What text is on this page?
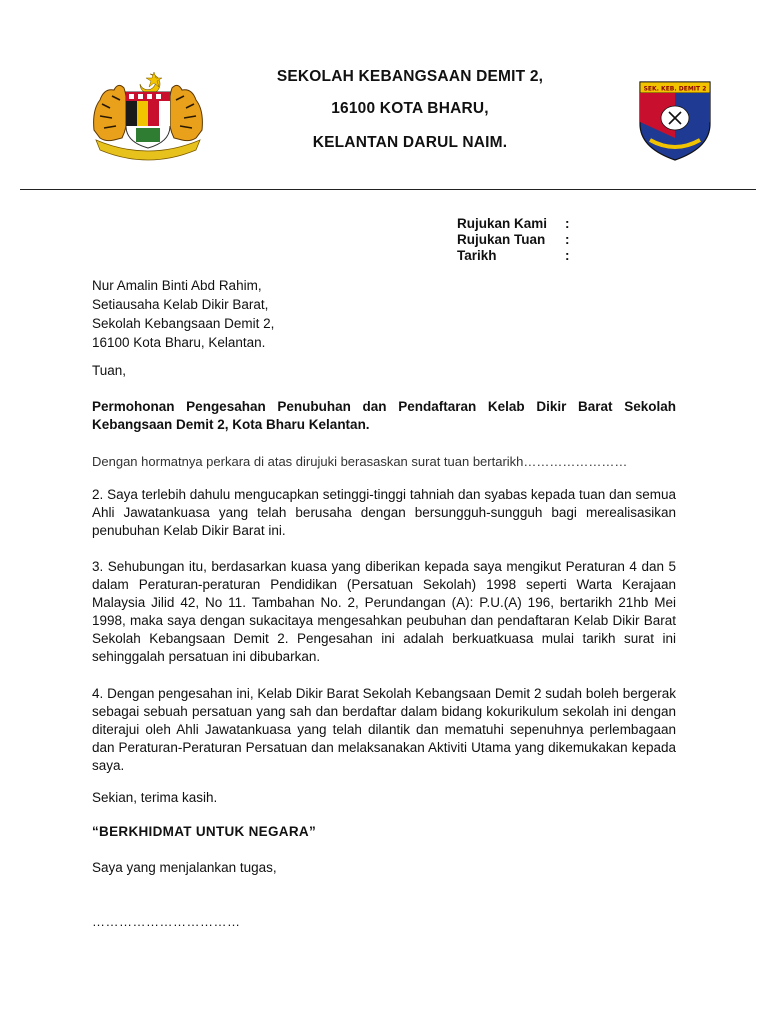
SEKOLAH KEBANGSAAN DEMIT 2,
16100 KOTA BHARU,
KELANTAN DARUL NAIM.
SEK. KEB. DEMIT 2
Rujukan Kami :
Rujukan Tuan :
Tarikh	:
Nur Amalin Binti Abd Rahim,
Setiausaha Kelab Dikir Barat,
Sekolah Kebangsaan Demit 2,
16100 Kota Bharu, Kelantan.
Tuan,
Permohonan Pengesahan Penubuhan dan Pendaftaran Kelab Dikir Barat Sekolah Kebangsaan Demit 2, Kota Bharu Kelantan.
Dengan hormatnya perkara di atas dirujuki berasaskan surat tuan bertarikh……………………
2. Saya terlebih dahulu mengucapkan setinggi-tinggi tahniah dan syabas kepada tuan dan semua Ahli Jawatankuasa yang telah berusaha dengan bersungguh-sungguh bagi merealisasikan penubuhan Kelab Dikir Barat ini.
3. Sehubungan itu, berdasarkan kuasa yang diberikan kepada saya mengikut Peraturan 4 dan 5 dalam Peraturan-peraturan Pendidikan (Persatuan Sekolah) 1998 seperti Warta Kerajaan Malaysia Jilid 42, No 11. Tambahan No. 2, Perundangan (A): P.U.(A) 196, bertarikh 21hb Mei 1998, maka saya dengan sukacitaya mengesahkan peubuhan dan pendaftaran Kelab Dikir Barat Sekolah Kebangsaan Demit 2. Pengesahan ini adalah berkuatkuasa mulai tarikh surat ini sehinggalah persatuan ini dibubarkan.
4. Dengan pengesahan ini, Kelab Dikir Barat Sekolah Kebangsaan Demit 2 sudah boleh bergerak sebagai sebuah persatuan yang sah dan berdaftar dalam bidang kokurikulum sekolah ini dengan diterajui oleh Ahli Jawatankuasa yang telah dilantik dan mematuhi sepenuhnya perlembagaan dan Peraturan-Peraturan Persatuan dan melaksanakan Aktiviti Utama yang dikemukakan kepada saya.
Sekian, terima kasih.
“BERKHIDMAT UNTUK NEGARA”
Saya yang menjalankan tugas,
……………………………
